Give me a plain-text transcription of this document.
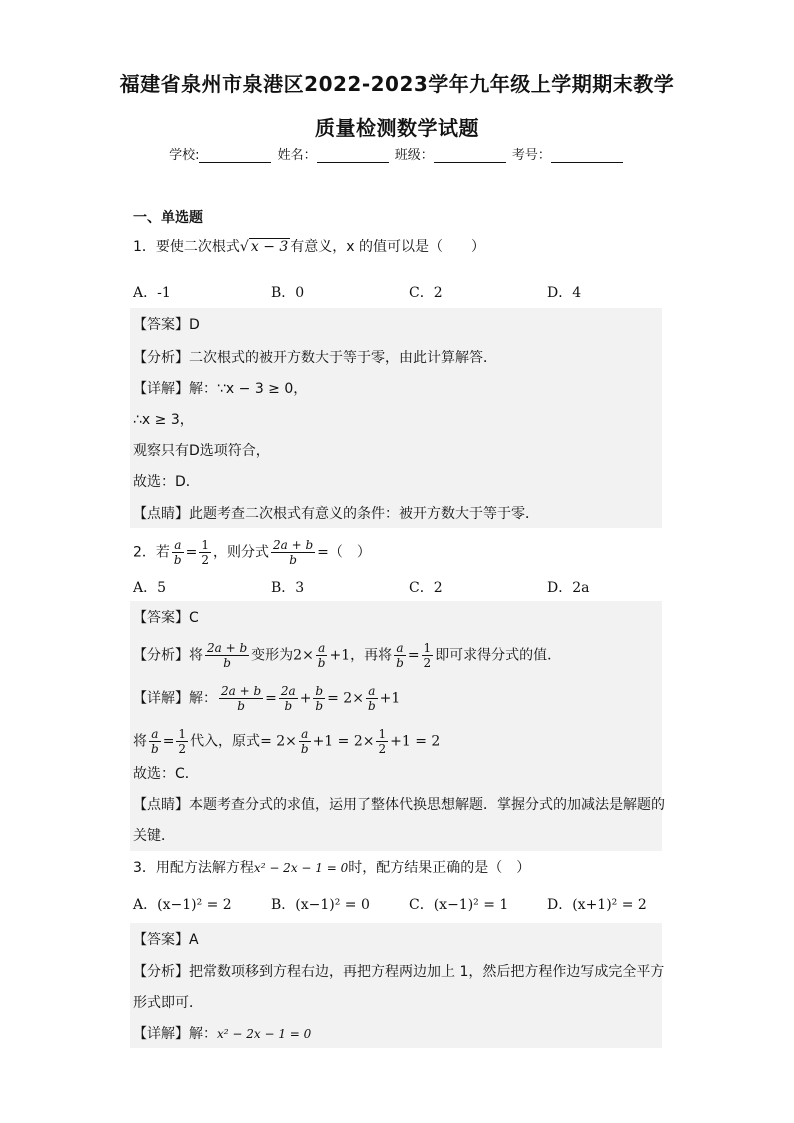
福建省泉州市泉港区2022-2023学年九年级上学期期末教学
质量检测数学试题
学校:	姓名：	班级：	考号：
一、单选题
1．要使二次根式√ x − 3 有意义，x 的值可以是（　　）
A．-1	B．0	C．2	D．4
【答案】D
【分析】二次根式的被开方数大于等于零，由此计算解答．
【详解】解：∵x − 3 ≥ 0，
∴x ≥ 3，
观察只有D选项符合，
故选：D．
【点睛】此题考查二次根式有意义的条件：被开方数大于等于零．
2．若 $\frac{a}{b} = \frac{1}{2}$ ，则分式 $\frac{2a + b}{b}$ =（　）
A．5	B．3	C．2	D．2a
【答案】C
【分析】将 $\frac{2a + b}{b}$ 变形为$2\times \frac{a}{b} +1$，再将 $\frac{a}{b} = \frac{1}{2}$ 即可求得分式的值．
【详解】解： $\frac{2a + b}{b} = \frac{2a}{b} + \frac{b}{b} = 2\times \frac{a}{b} +1$
将 $\frac{a}{b} = \frac{1}{2}$ 代入，原式= $2\times \frac{a}{b} +1 = 2\times \frac{1}{2} +1 = 2$
故选：C．
【点睛】本题考查分式的求值，运用了整体代换思想解题．掌握分式的加减法是解题的
关键．
3．用配方法解方程x² − 2x − 1 = 0时，配方结果正确的是（　）
A．(x−1)² = 2	B．(x−1)² = 0	C．(x−1)² = 1	D．(x+1)² = 2
【答案】A
【分析】把常数项移到方程右边，再把方程两边加上 1，然后把方程作边写成完全平方
形式即可．
【详解】解：x² − 2x − 1 = 0
